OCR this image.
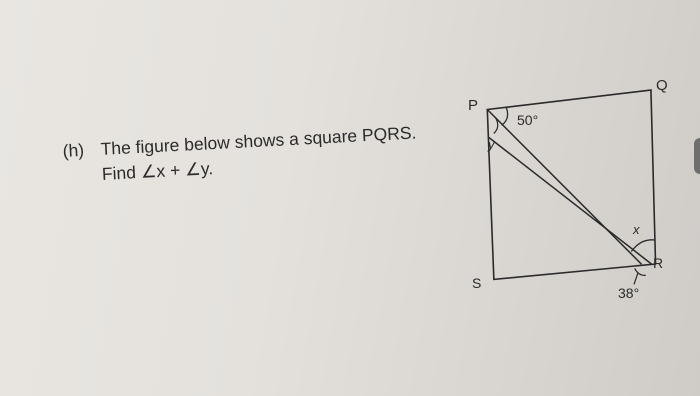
(h) The figure below shows a square PQRS.
Find ∠x + ∠y.
P
Q
R
S
50°
y
x
38°
